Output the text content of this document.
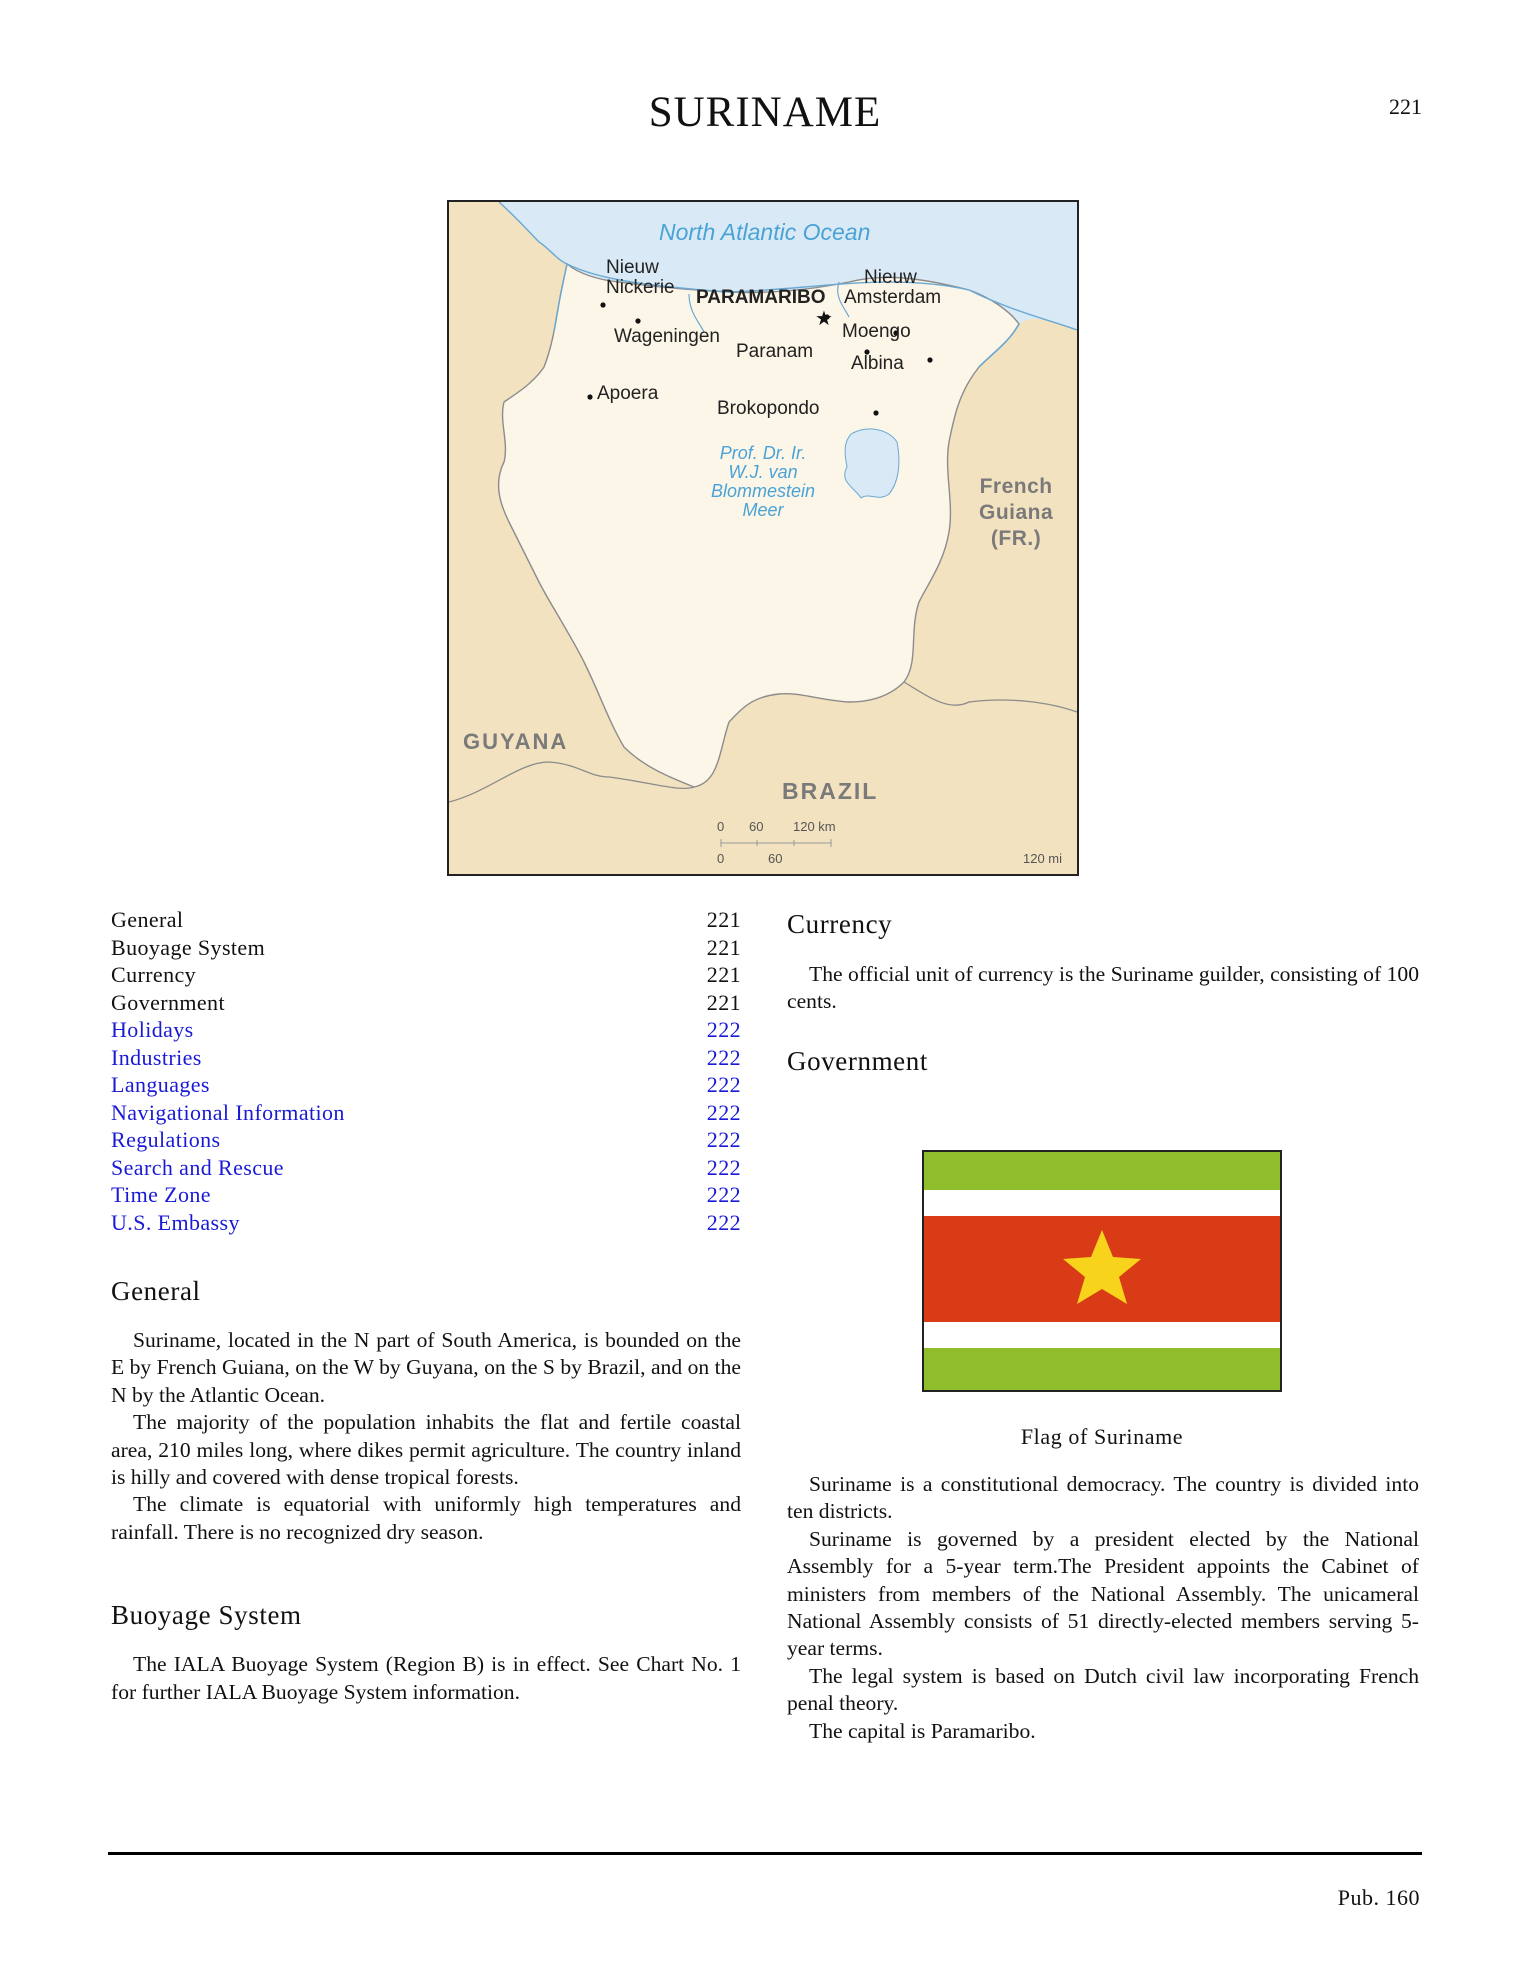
SURINAME	221
North Atlantic Ocean
Nieuw
Nickerie PARAMARIBO
★
Nieuw
Amsterdam
Wageningen	Moengo
Paranam
Albina
Apoera
Brokopondo
Prof. Dr. Ir.
W.J. van
Blommestein
Meer
French
Guiana
(FR.)
GUYANA
BRAZIL
0 60 120 km
0	60	120 mi
General	221
Buoyage System	221
Currency	221
Government	221
Holidays	222
Industries	222
Languages	222
Navigational Information	222
Regulations	222
Search and Rescue	222
Time Zone	222
U.S. Embassy	222
General

Suriname, located in the N part of South America, is bounded on the E by French Guiana, on the W by Guyana, on the S by Brazil, and on the N by the Atlantic Ocean.

The majority of the population inhabits the flat and fertile coastal area, 210 miles long, where dikes permit agriculture. The country inland is hilly and covered with dense tropical forests.

The climate is equatorial with uniformly high temperatures and rainfall. There is no recognized dry season.

Buoyage System

The IALA Buoyage System (Region B) is in effect. See Chart No. 1 for further IALA Buoyage System information.

Currency

The official unit of currency is the Suriname guilder, consisting of 100 cents.

Government
Flag of Suriname

Suriname is a constitutional democracy. The country is divided into ten districts.

Suriname is governed by a president elected by the National Assembly for a 5-year term.The President appoints the Cabinet of ministers from members of the National Assembly. The unicameral National Assembly consists of 51 directly-elected members serving 5-year terms.

The legal system is based on Dutch civil law incorporating French penal theory.

The capital is Paramaribo.

Pub. 160
